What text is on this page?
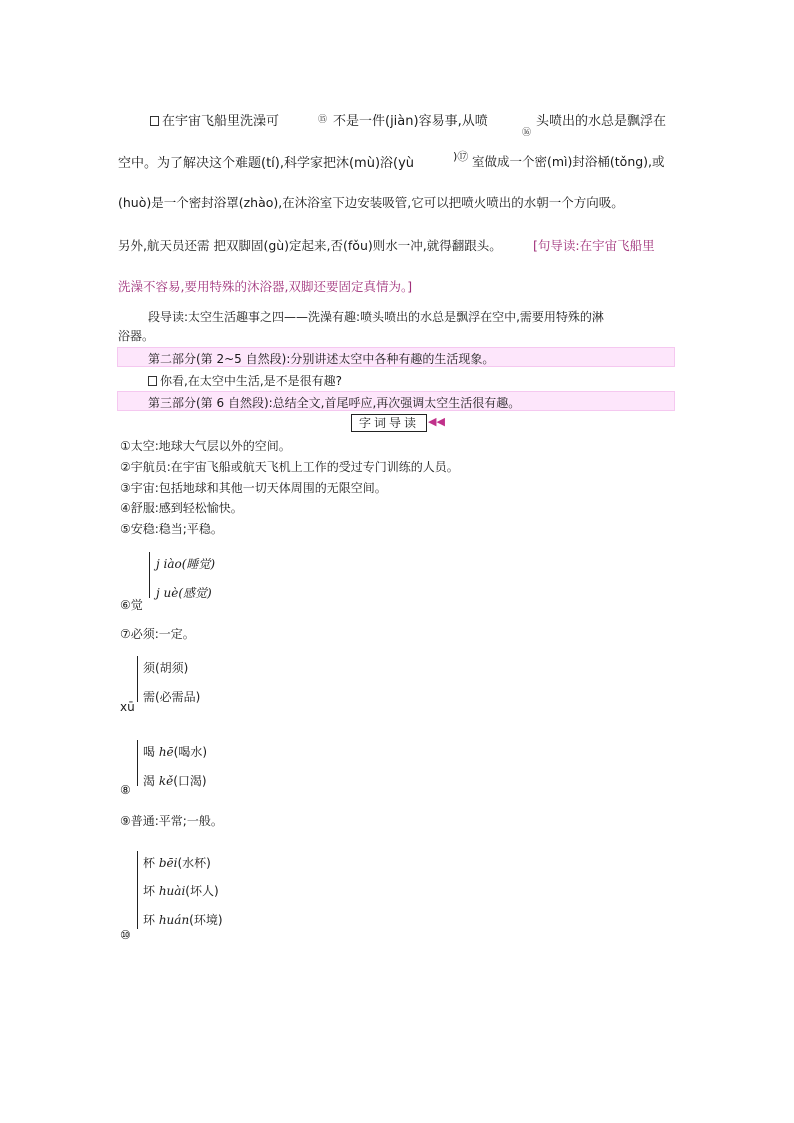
在宇宙飞船里洗澡可	⑮ 不是一件(jiàn)容易事,从喷
⑯
头喷出的水总是飘浮在
空中。为了解决这个难题(tí),科学家把沐(mù)浴(yù	)⑰ 室做成一个密(mì)封浴桶(tǒng),或
(huò)是一个密封浴罩(zhào),在沐浴室下边安装吸管,它可以把喷火喷出的水朝一个方向吸。
另外,航天员还需 把双脚固(gù)定起来,否(fǒu)则水一冲,就得翻跟头。	[句导读:在宇宙飞船里
洗澡不容易,要用特殊的沐浴器,双脚还要固定真情为。]
段导读:太空生活趣事之四——洗澡有趣:喷头喷出的水总是飘浮在空中,需要用特殊的淋
浴器。
第二部分(第 2~5 自然段):分别讲述太空中各种有趣的生活现象。
你看,在太空中生活,是不是很有趣?
第三部分(第 6 自然段):总结全文,首尾呼应,再次强调太空生活很有趣。
字词导读 ◀◀
①太空:地球大气层以外的空间。
②宇航员:在宇宙飞船或航天飞机上工作的受过专门训练的人员。
③宇宙:包括地球和其他一切天体周围的无限空间。
④舒服:感到轻松愉快。
⑤安稳:稳当;平稳。
j iào(睡觉)
j uè(感觉)
⑥觉
⑦必须:一定。
须(胡须)
需(必需品)
xū
喝 hē(喝水)
渴 kě(口渴)
⑧
⑨普通:平常;一般。
杯 bēi(水杯)
坏 huài(坏人)
环 huán(环境)
⑩
